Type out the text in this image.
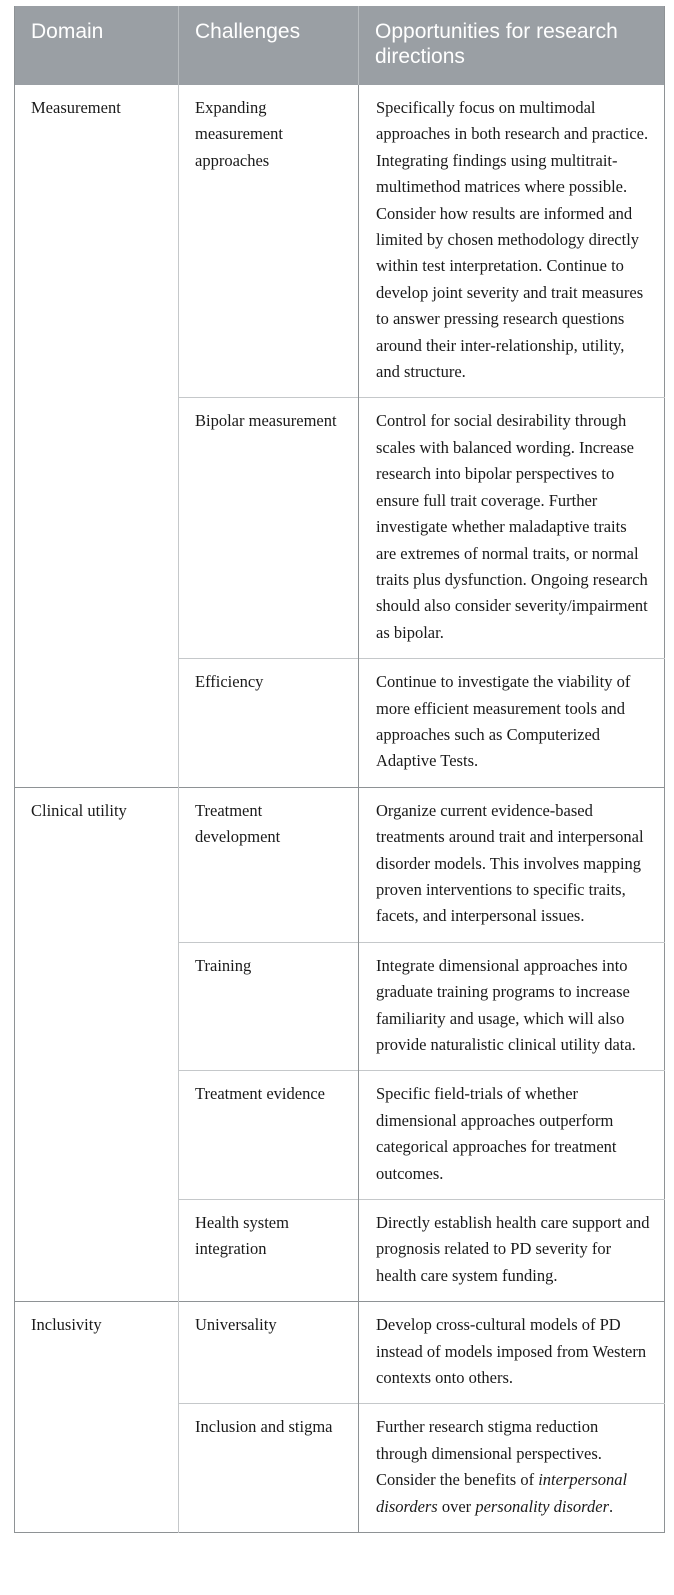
Domain	Challenges	Opportunities for research directions
Measurement	Expanding measurement approaches	Specifically focus on multimodal approaches in both research and practice. Integrating findings using multitrait-multimethod matrices where possible. Consider how results are informed and limited by chosen methodology directly within test interpretation. Continue to develop joint severity and trait measures to answer pressing research questions around their inter-relationship, utility, and structure.
	Bipolar measurement	Control for social desirability through scales with balanced wording. Increase research into bipolar perspectives to ensure full trait coverage. Further investigate whether maladaptive traits are extremes of normal traits, or normal traits plus dysfunction. Ongoing research should also consider severity/impairment as bipolar.
	Efficiency	Continue to investigate the viability of more efficient measurement tools and approaches such as Computerized Adaptive Tests.
Clinical utility	Treatment development	Organize current evidence-based treatments around trait and interpersonal disorder models. This involves mapping proven interventions to specific traits, facets, and interpersonal issues.
	Training	Integrate dimensional approaches into graduate training programs to increase familiarity and usage, which will also provide naturalistic clinical utility data.
	Treatment evidence	Specific field-trials of whether dimensional approaches outperform categorical approaches for treatment outcomes.
	Health system integration	Directly establish health care support and prognosis related to PD severity for health care system funding.
Inclusivity	Universality	Develop cross-cultural models of PD instead of models imposed from Western contexts onto others.
	Inclusion and stigma	Further research stigma reduction through dimensional perspectives. Consider the benefits of interpersonal disorders over personality disorder.
